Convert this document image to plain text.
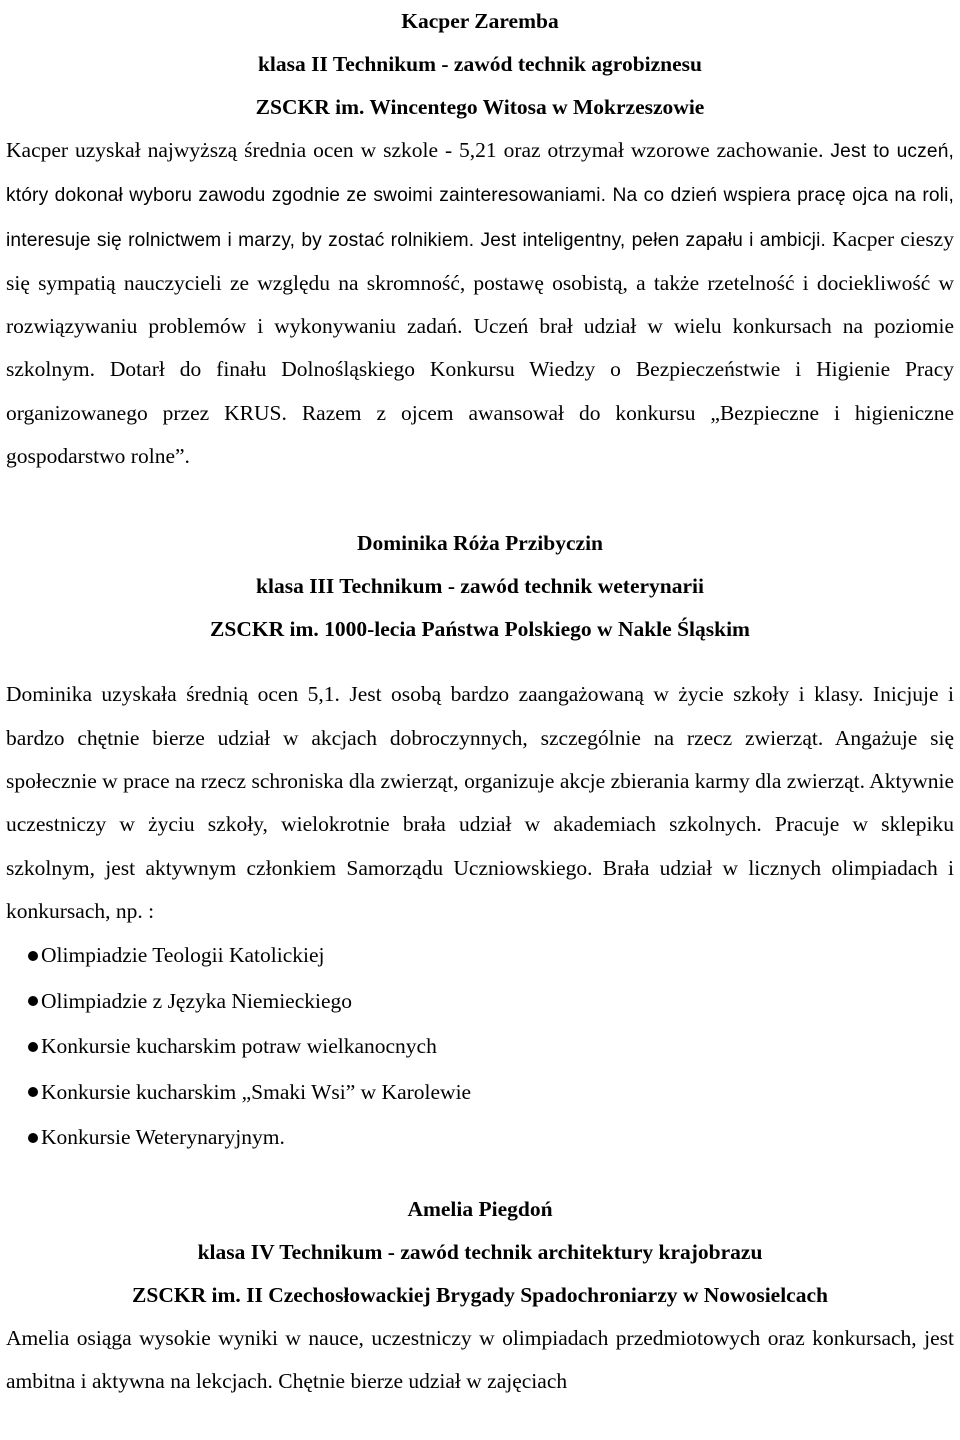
Kacper Zaremba

klasa II Technikum - zawód technik agrobiznesu

ZSCKR im. Wincentego Witosa w Mokrzeszowie

Kacper uzyskał najwyższą średnia ocen w szkole - 5,21 oraz otrzymał wzorowe zachowanie. Jest to uczeń, który dokonał wyboru zawodu zgodnie ze swoimi zainteresowaniami. Na co dzień wspiera pracę ojca na roli, interesuje się rolnictwem i marzy, by zostać rolnikiem. Jest inteligentny, pełen zapału i ambicji. Kacper cieszy się sympatią nauczycieli ze względu na skromność, postawę osobistą, a także rzetelność i dociekliwość w rozwiązywaniu problemów i wykonywaniu zadań. Uczeń brał udział w wielu konkursach na poziomie szkolnym. Dotarł do finału Dolnośląskiego Konkursu Wiedzy o Bezpieczeństwie i Higienie Pracy organizowanego przez KRUS. Razem z ojcem awansował do konkursu „Bezpieczne i higieniczne gospodarstwo rolne”.

Dominika Róża Przibyczin

klasa III Technikum - zawód technik weterynarii

ZSCKR im. 1000-lecia Państwa Polskiego w Nakle Śląskim

Dominika uzyskała średnią ocen 5,1. Jest osobą bardzo zaangażowaną w życie szkoły i klasy. Inicjuje i bardzo chętnie bierze udział w akcjach dobroczynnych, szczególnie na rzecz zwierząt. Angażuje się społecznie w prace na rzecz schroniska dla zwierząt, organizuje akcje zbierania karmy dla zwierząt. Aktywnie uczestniczy w życiu szkoły, wielokrotnie brała udział w akademiach szkolnych. Pracuje w sklepiku szkolnym, jest aktywnym członkiem Samorządu Uczniowskiego. Brała udział w licznych olimpiadach i konkursach, np. :

Olimpiadzie Teologii Katolickiej
Olimpiadzie z Języka Niemieckiego
Konkursie kucharskim potraw wielkanocnych
Konkursie kucharskim „Smaki Wsi” w Karolewie
Konkursie Weterynaryjnym.

Amelia Piegdoń

klasa IV Technikum - zawód technik architektury krajobrazu

ZSCKR im. II Czechosłowackiej Brygady Spadochroniarzy w Nowosielcach

Amelia osiąga wysokie wyniki w nauce, uczestniczy w olimpiadach przedmiotowych oraz konkursach, jest ambitna i aktywna na lekcjach. Chętnie bierze udział w zajęciach
